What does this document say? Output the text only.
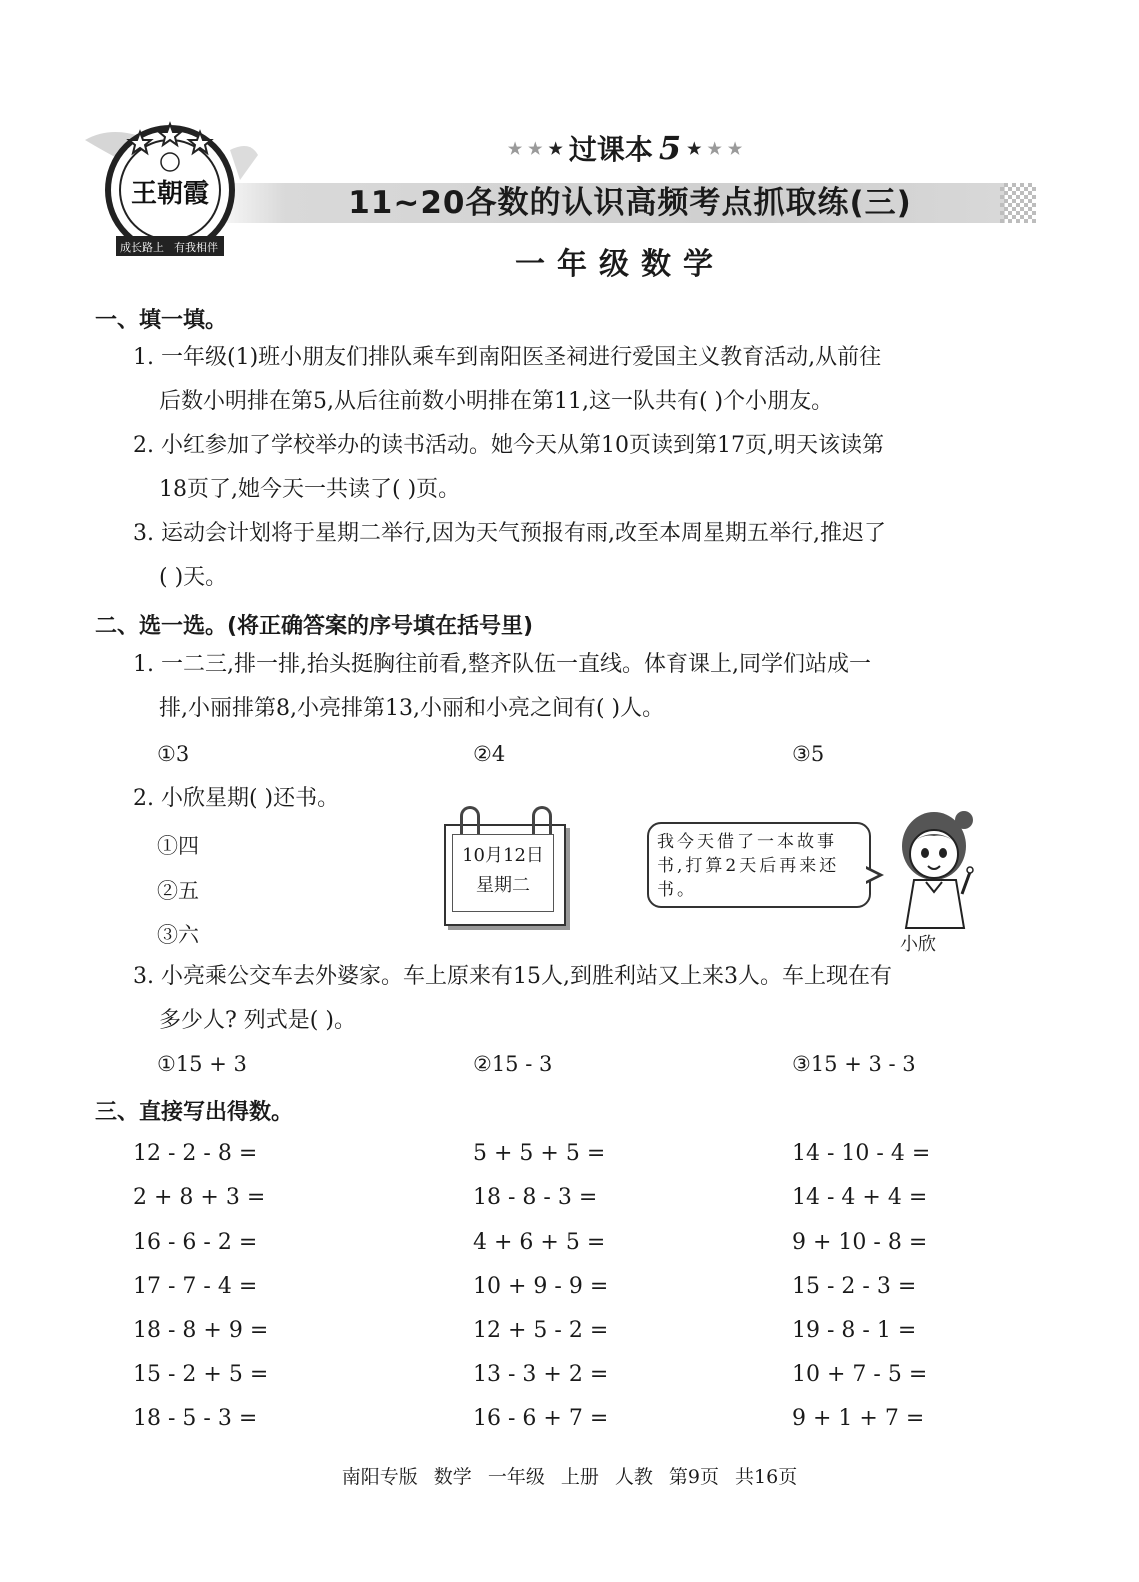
王朝霞
成长路上 有我相伴
★ ★ ★ 过课本 5 ★ ★ ★
11~20各数的认识高频考点抓取练(三)
一年级数学
一、填一填。
1. 一年级(1)班小朋友们排队乘车到南阳医圣祠进行爱国主义教育活动,从前往
后数小明排在第5,从后往前数小明排在第11,这一队共有( )个小朋友。
2. 小红参加了学校举办的读书活动。她今天从第10页读到第17页,明天该读第
18页了,她今天一共读了( )页。
3. 运动会计划将于星期二举行,因为天气预报有雨,改至本周星期五举行,推迟了
( )天。
二、选一选。(将正确答案的序号填在括号里)
1. 一二三,排一排,抬头挺胸往前看,整齐队伍一直线。体育课上,同学们站成一
排,小丽排第8,小亮排第13,小丽和小亮之间有( )人。
①3	②4	③5
2. 小欣星期( )还书。
①四
②五
③六
10月12日
星期二
我今天借了一本故事
书,打算2天后再来还
书。
小欣
3. 小亮乘公交车去外婆家。车上原来有15人,到胜利站又上来3人。车上现在有
多少人? 列式是( )。
①15 + 3	②15 - 3	③15 + 3 - 3
三、直接写出得数。
12 - 2 - 8 =	5 + 5 + 5 =	14 - 10 - 4 =
2 + 8 + 3 =	18 - 8 - 3 =	14 - 4 + 4 =
16 - 6 - 2 =	4 + 6 + 5 =	9 + 10 - 8 =
17 - 7 - 4 =	10 + 9 - 9 =	15 - 2 - 3 =
18 - 8 + 9 =	12 + 5 - 2 =	19 - 8 - 1 =
15 - 2 + 5 =	13 - 3 + 2 =	10 + 7 - 5 =
18 - 5 - 3 =	16 - 6 + 7 =	9 + 1 + 7 =
南阳专版 数学 一年级 上册 人教 第9页 共16页
